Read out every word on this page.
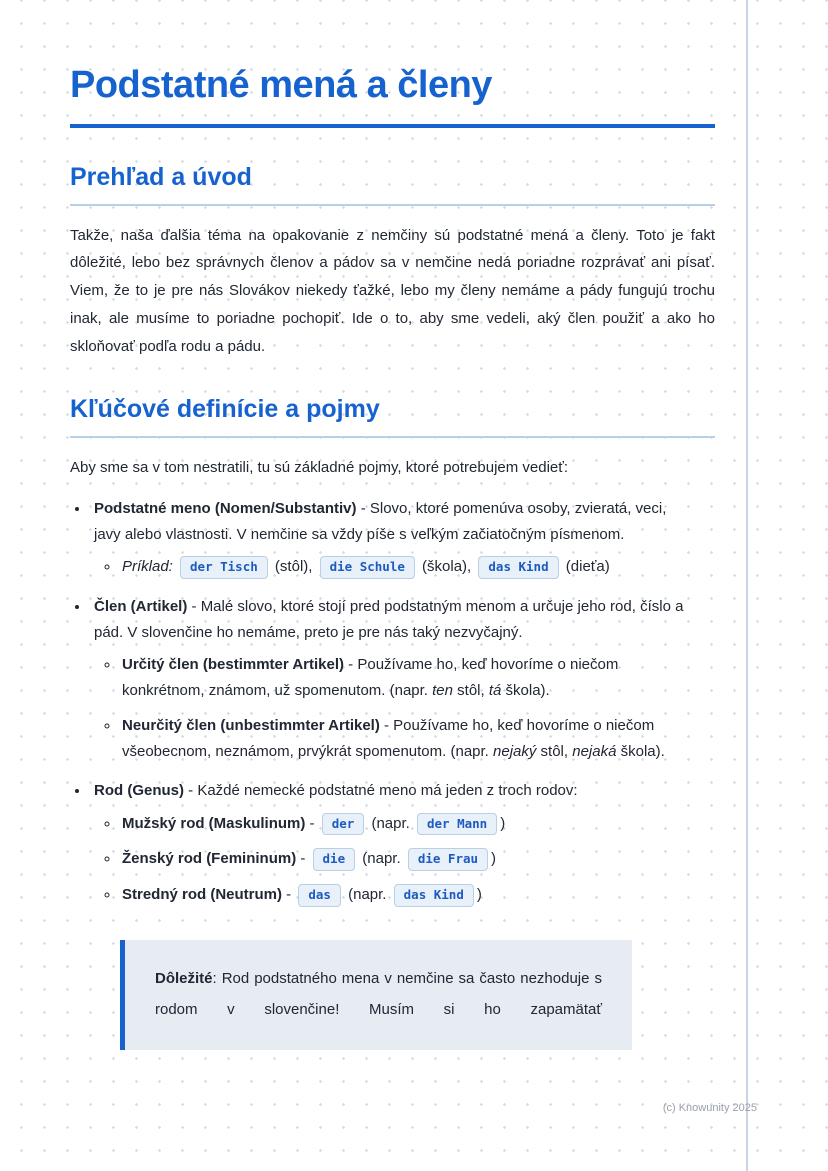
Podstatné mená a členy
Prehľad a úvod

Takže, naša ďalšia téma na opakovanie z nemčiny sú podstatné mená a členy. Toto je fakt dôležité, lebo bez správnych členov a pádov sa v nemčine nedá poriadne rozprávať ani písať. Viem, že to je pre nás Slovákov niekedy ťažké, lebo my členy nemáme a pády fungujú trochu inak, ale musíme to poriadne pochopiť. Ide o to, aby sme vedeli, aký člen použiť a ako ho skloňovať podľa rodu a pádu.

Kľúčové definície a pojmy

Aby sme sa v tom nestratili, tu sú základné pojmy, ktoré potrebujem vedieť:

• Podstatné meno (Nomen/Substantiv) - Slovo, ktoré pomenúva osoby, zvieratá, veci, javy alebo vlastnosti. V nemčine sa vždy píše s veľkým začiatočným písmenom.
◦ Príklad: der Tisch (stôl), die Schule (škola), das Kind (dieťa)
• Člen (Artikel) - Malé slovo, ktoré stojí pred podstatným menom a určuje jeho rod, číslo a pád. V slovenčine ho nemáme, preto je pre nás taký nezvyčajný.
◦ Určitý člen (bestimmter Artikel) - Používame ho, keď hovoríme o niečom konkrétnom, známom, už spomenutom. (napr. ten stôl, tá škola).
◦ Neurčitý člen (unbestimmter Artikel) - Používame ho, keď hovoríme o niečom všeobecnom, neznámom, prvýkrát spomenutom. (napr. nejaký stôl, nejaká škola).
• Rod (Genus) - Každé nemecké podstatné meno má jeden z troch rodov:
◦ Mužský rod (Maskulinum) - der (napr. der Mann )
◦ Ženský rod (Femininum) - die (napr. die Frau )
◦ Stredný rod (Neutrum) - das (napr. das Kind )
Dôležité: Rod podstatného mena v nemčine sa často nezhoduje s rodom v slovenčine! Musím si ho zapamätať
(c) Knowunity 2025
